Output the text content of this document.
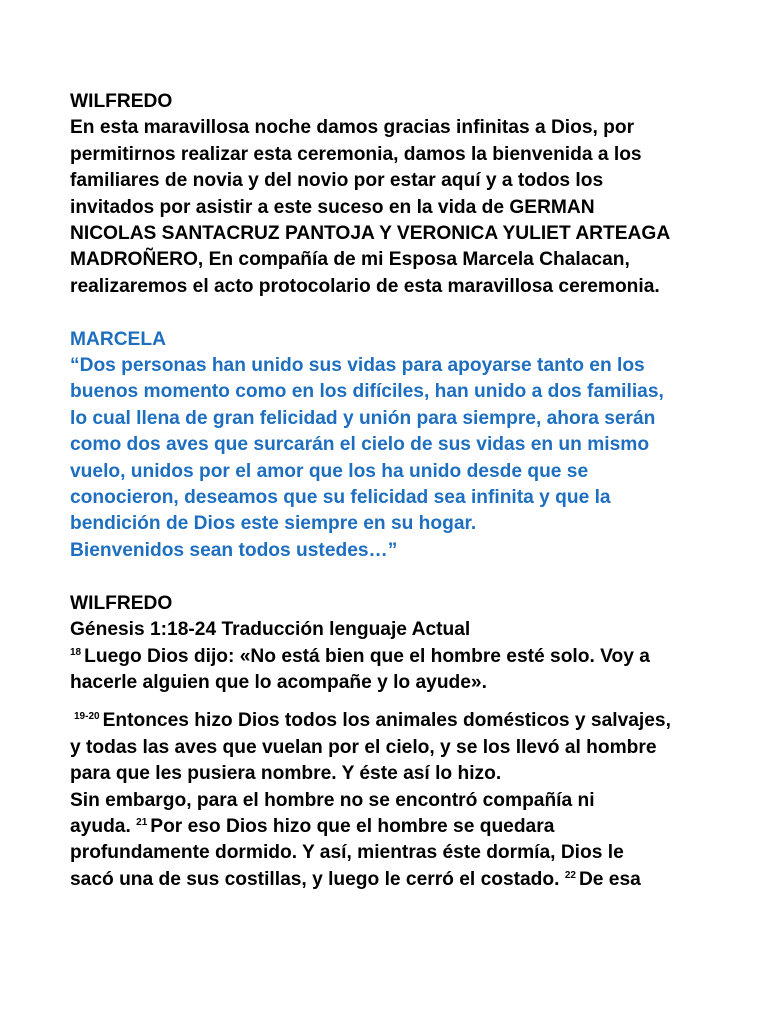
WILFREDO
En esta maravillosa noche damos gracias infinitas a Dios, por
permitirnos realizar esta ceremonia, damos la bienvenida a los
familiares de novia y del novio por estar aquí y a todos los
invitados por asistir a este suceso en la vida de GERMAN
NICOLAS SANTACRUZ PANTOJA Y VERONICA YULIET ARTEAGA
MADROÑERO, En compañía de mi Esposa Marcela Chalacan,
realizaremos el acto protocolario de esta maravillosa ceremonia.
MARCELA
“Dos personas han unido sus vidas para apoyarse tanto en los
buenos momento como en los difíciles, han unido a dos familias,
lo cual llena de gran felicidad y unión para siempre, ahora serán
como dos aves que surcarán el cielo de sus vidas en un mismo
vuelo, unidos por el amor que los ha unido desde que se
conocieron, deseamos que su felicidad sea infinita y que la
bendición de Dios este siempre en su hogar.
Bienvenidos sean todos ustedes…”
WILFREDO
Génesis 1:18-24 Traducción lenguaje Actual
$^{18}$ Luego Dios dijo: «No está bien que el hombre esté solo. Voy a
hacerle alguien que lo acompañe y lo ayude».
$^{19-20}$ Entonces hizo Dios todos los animales domésticos y salvajes,
y todas las aves que vuelan por el cielo, y se los llevó al hombre
para que les pusiera nombre. Y éste así lo hizo.
Sin embargo, para el hombre no se encontró compañía ni
ayuda. $^{21}$ Por eso Dios hizo que el hombre se quedara
profundamente dormido. Y así, mientras éste dormía, Dios le
sacó una de sus costillas, y luego le cerró el costado. $^{22}$ De esa
